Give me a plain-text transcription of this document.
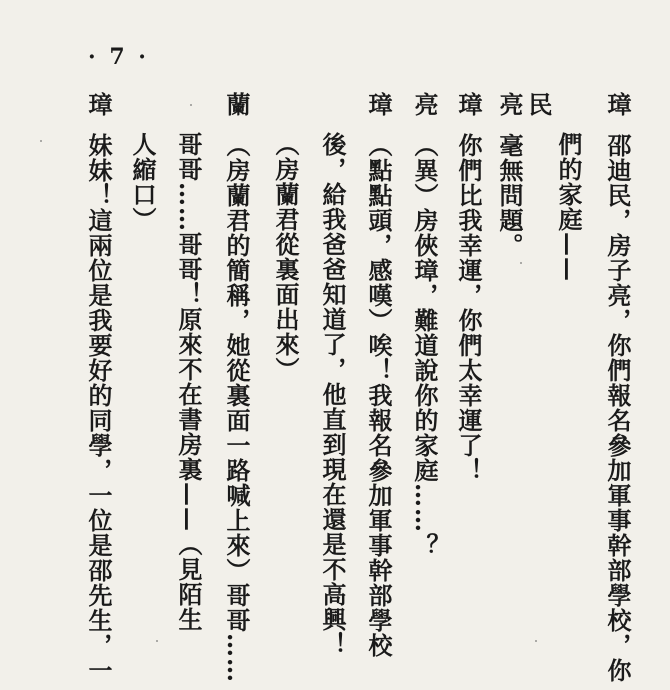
· 7 ·
璋邵迪民，房子亮，你們報名參加軍事幹部學校，你
們的家庭——
民
亮毫無問題。
璋你們比我幸運，你們太幸運了！
亮（異）房俠璋，難道說你的家庭……？
璋（點點頭，感嘆）唉！我報名參加軍事幹部學校
後，給我爸爸知道了，他直到現在還是不高興！
（房蘭君從裏面出來）
蘭（房蘭君的簡稱，她從裏面一路喊上來）哥哥……
哥哥……哥哥！原來不在書房裏——（見陌生
人縮口）
璋妹妹！這兩位是我要好的同學，一位是邵先生，一
